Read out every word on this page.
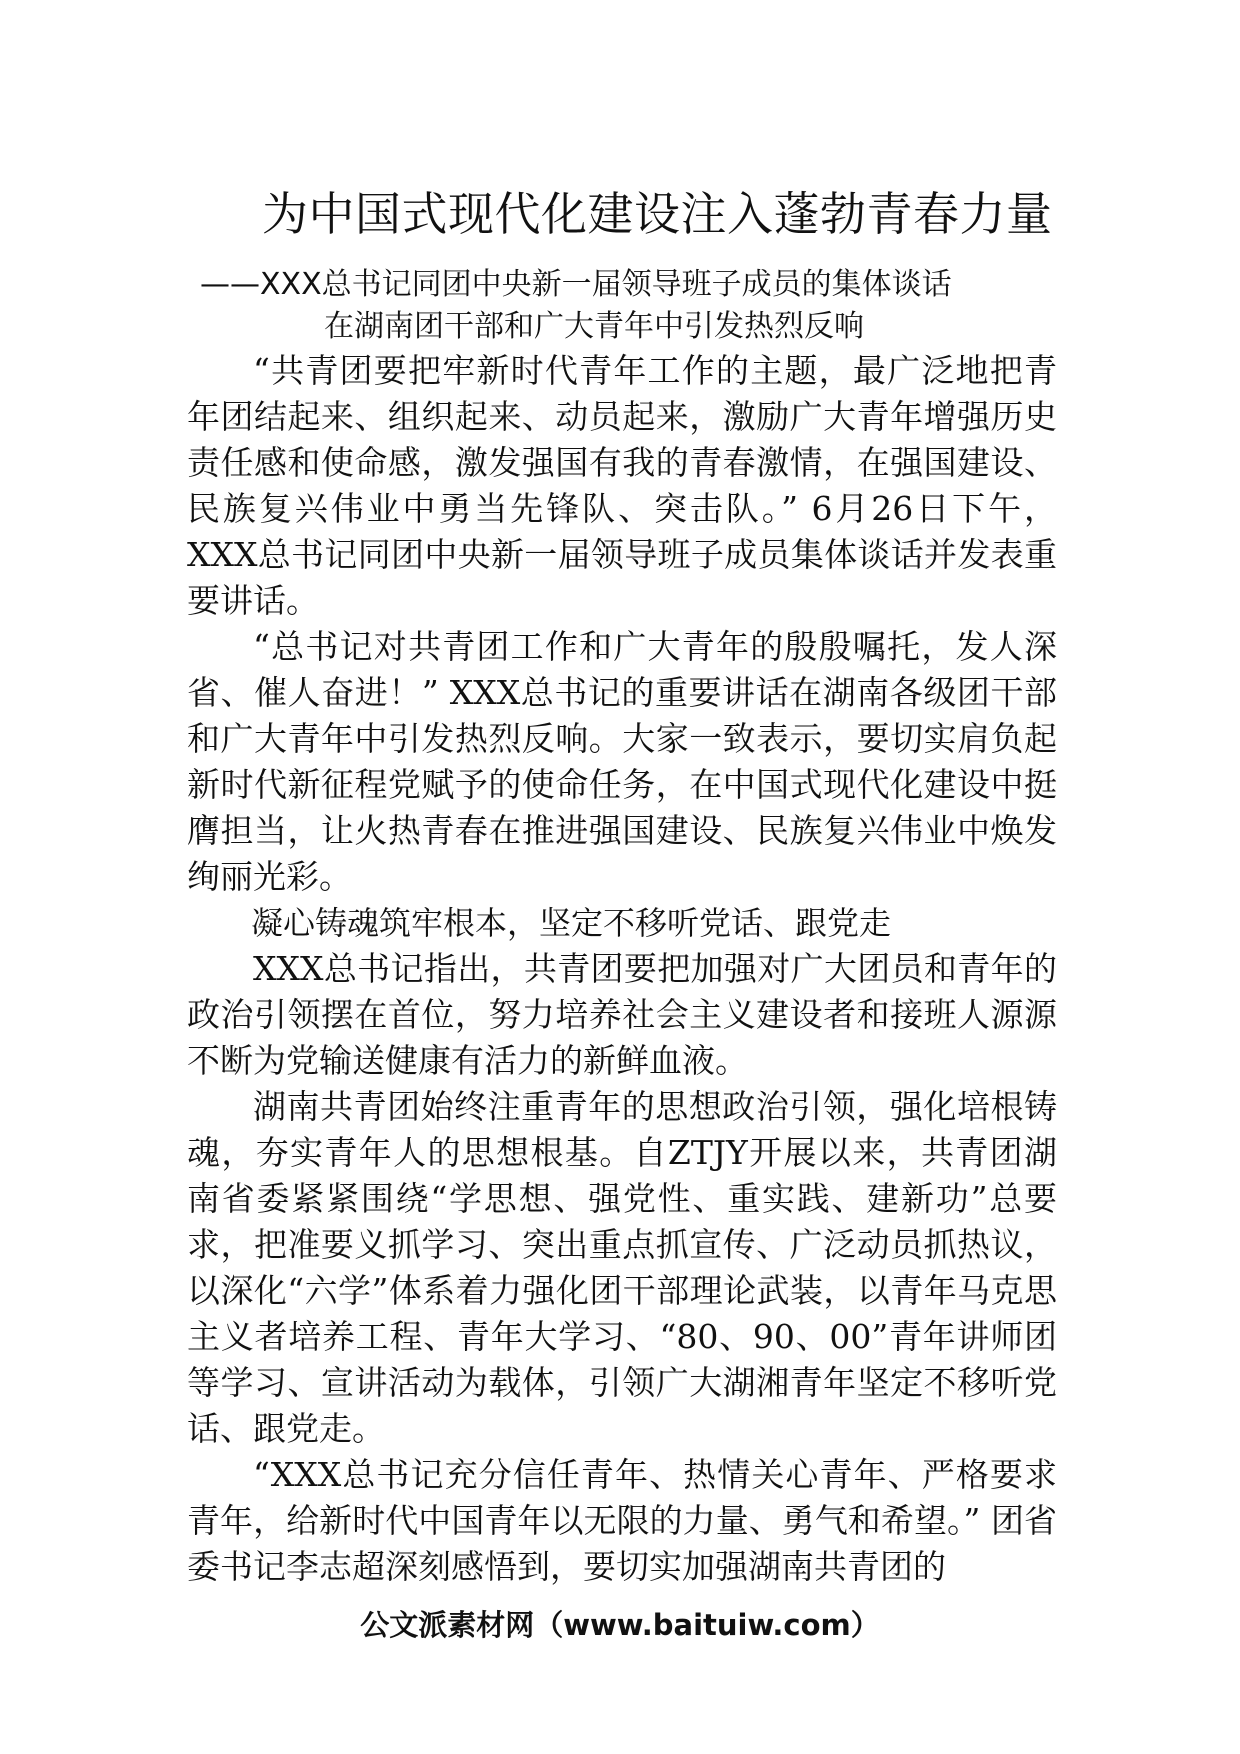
为中国式现代化建设注入蓬勃青春力量
——XXX总书记同团中央新一届领导班子成员的集体谈话
在湖南团干部和广大青年中引发热烈反响

“共青团要把牢新时代青年工作的主题，最广泛地把青年团结起来、组织起来、动员起来，激励广大青年增强历史责任感和使命感，激发强国有我的青春激情，在强国建设、民族复兴伟业中勇当先锋队、突击队。” 6月26日下午，XXX总书记同团中央新一届领导班子成员集体谈话并发表重要讲话。

“总书记对共青团工作和广大青年的殷殷嘱托，发人深省、催人奋进！” XXX总书记的重要讲话在湖南各级团干部和广大青年中引发热烈反响。大家一致表示，要切实肩负起新时代新征程党赋予的使命任务，在中国式现代化建设中挺膺担当，让火热青春在推进强国建设、民族复兴伟业中焕发绚丽光彩。

凝心铸魂筑牢根本，坚定不移听党话、跟党走

XXX总书记指出，共青团要把加强对广大团员和青年的政治引领摆在首位，努力培养社会主义建设者和接班人源源不断为党输送健康有活力的新鲜血液。

湖南共青团始终注重青年的思想政治引领，强化培根铸魂，夯实青年人的思想根基。自ZTJY开展以来，共青团湖南省委紧紧围绕“学思想、强党性、重实践、建新功”总要求，把准要义抓学习、突出重点抓宣传、广泛动员抓热议，以深化“六学”体系着力强化团干部理论武装，以青年马克思主义者培养工程、青年大学习、“80、90、00”青年讲师团等学习、宣讲活动为载体，引领广大湖湘青年坚定不移听党话、跟党走。

“XXX总书记充分信任青年、热情关心青年、严格要求青年，给新时代中国青年以无限的力量、勇气和希望。” 团省委书记李志超深刻感悟到，要切实加强湖南共青团的

公文派素材网（www.baituiw.com）
